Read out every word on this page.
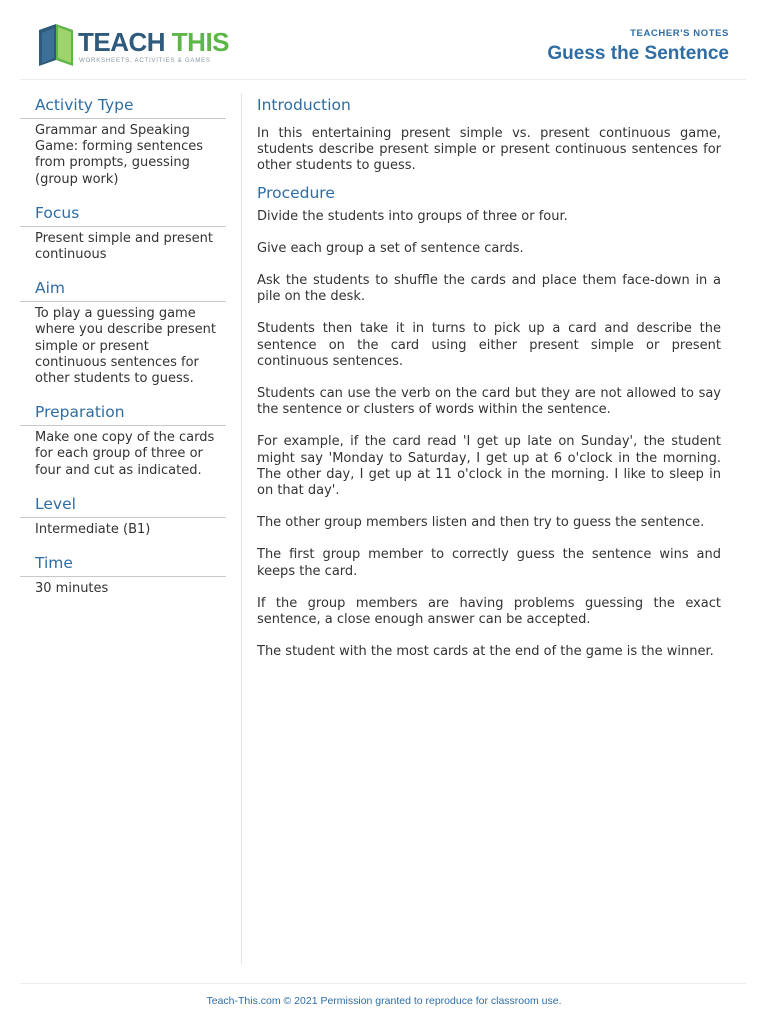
TEACH THIS
WORKSHEETS, ACTIVITIES & GAMES
TEACHER'S NOTES
Guess the Sentence
Activity Type
Grammar and Speaking Game: forming sentences from prompts, guessing (group work)
Focus
Present simple and present continuous
Aim
To play a guessing game where you describe present simple or present continuous sentences for other students to guess.
Preparation
Make one copy of the cards for each group of three or four and cut as indicated.
Level
Intermediate (B1)
Time
30 minutes
Introduction

In this entertaining present simple vs. present continuous game, students describe present simple or present continuous sentences for other students to guess.

Procedure

Divide the students into groups of three or four.

Give each group a set of sentence cards.

Ask the students to shuffle the cards and place them face-down in a pile on the desk.

Students then take it in turns to pick up a card and describe the sentence on the card using either present simple or present continuous sentences.

Students can use the verb on the card but they are not allowed to say the sentence or clusters of words within the sentence.

For example, if the card read 'I get up late on Sunday', the student might say 'Monday to Saturday, I get up at 6 o'clock in the morning. The other day, I get up at 11 o'clock in the morning. I like to sleep in on that day'.

The other group members listen and then try to guess the sentence.

The first group member to correctly guess the sentence wins and keeps the card.

If the group members are having problems guessing the exact sentence, a close enough answer can be accepted.

The student with the most cards at the end of the game is the winner.

Teach-This.com © 2021 Permission granted to reproduce for classroom use.
